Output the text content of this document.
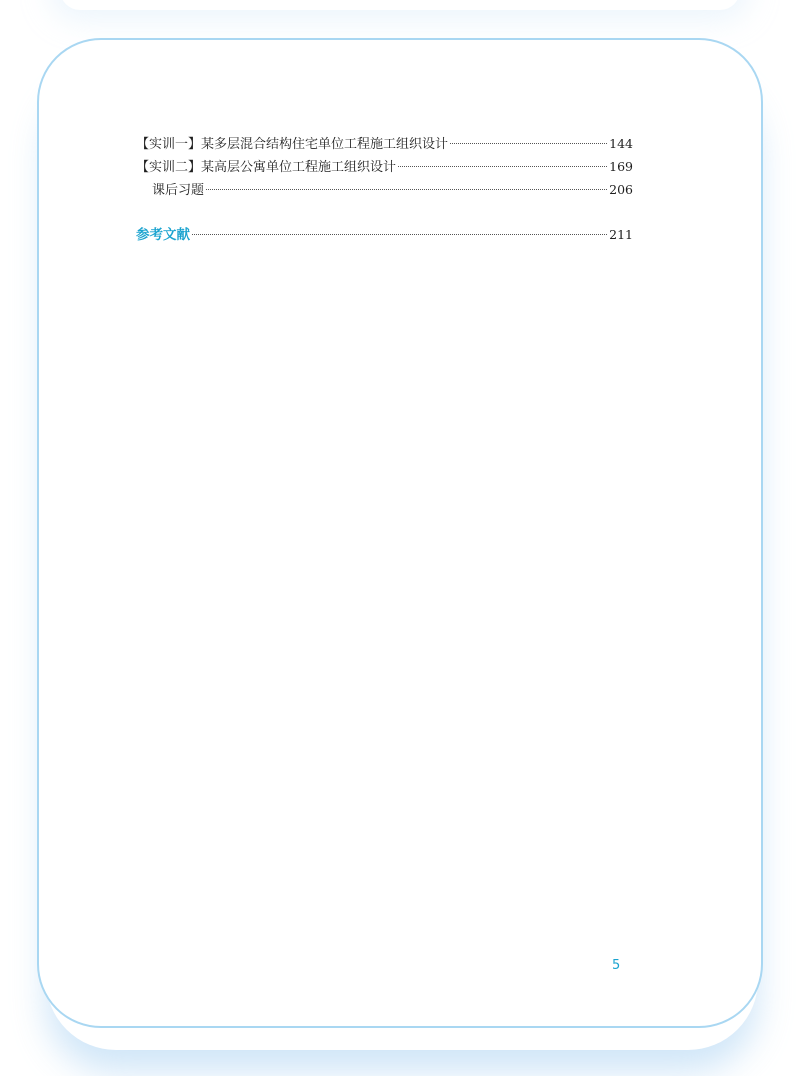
【实训一】某多层混合结构住宅单位工程施工组织设计	144
【实训二】某高层公寓单位工程施工组织设计	169
课后习题	206
参考文献	211
5
